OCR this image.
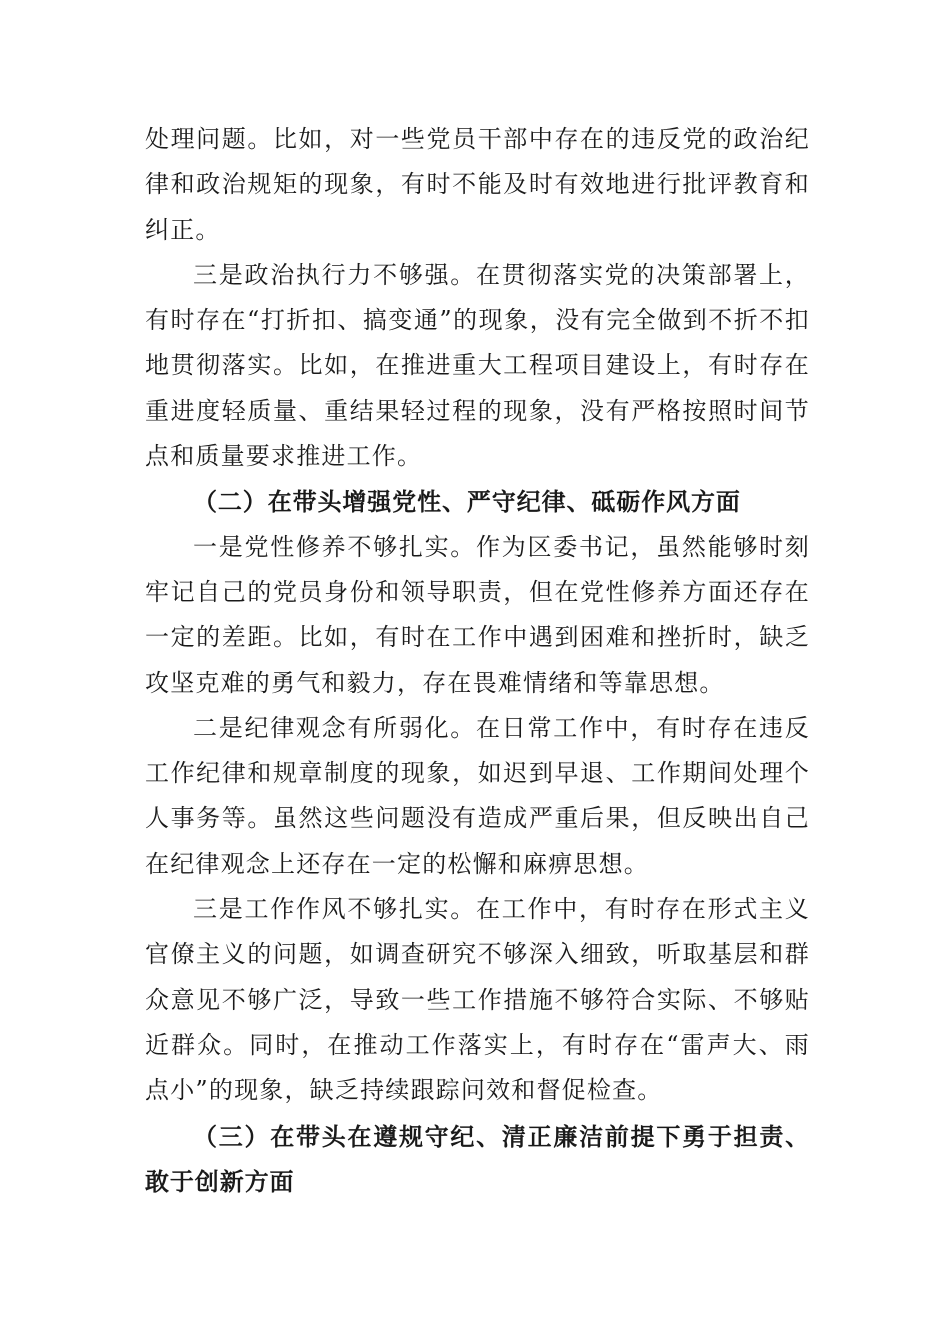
处理问题。比如，对一些党员干部中存在的违反党的政治纪律和政治规矩的现象，有时不能及时有效地进行批评教育和纠正。

三是政治执行力不够强。在贯彻落实党的决策部署上，有时存在“打折扣、搞变通”的现象，没有完全做到不折不扣地贯彻落实。比如，在推进重大工程项目建设上，有时存在重进度轻质量、重结果轻过程的现象，没有严格按照时间节点和质量要求推进工作。

（二）在带头增强党性、严守纪律、砥砺作风方面

一是党性修养不够扎实。作为区委书记，虽然能够时刻牢记自己的党员身份和领导职责，但在党性修养方面还存在一定的差距。比如，有时在工作中遇到困难和挫折时，缺乏攻坚克难的勇气和毅力，存在畏难情绪和等靠思想。

二是纪律观念有所弱化。在日常工作中，有时存在违反工作纪律和规章制度的现象，如迟到早退、工作期间处理个人事务等。虽然这些问题没有造成严重后果，但反映出自己在纪律观念上还存在一定的松懈和麻痹思想。

三是工作作风不够扎实。在工作中，有时存在形式主义官僚主义的问题，如调查研究不够深入细致，听取基层和群众意见不够广泛，导致一些工作措施不够符合实际、不够贴近群众。同时，在推动工作落实上，有时存在“雷声大、雨点小”的现象，缺乏持续跟踪问效和督促检查。

（三）在带头在遵规守纪、清正廉洁前提下勇于担责、敢于创新方面
